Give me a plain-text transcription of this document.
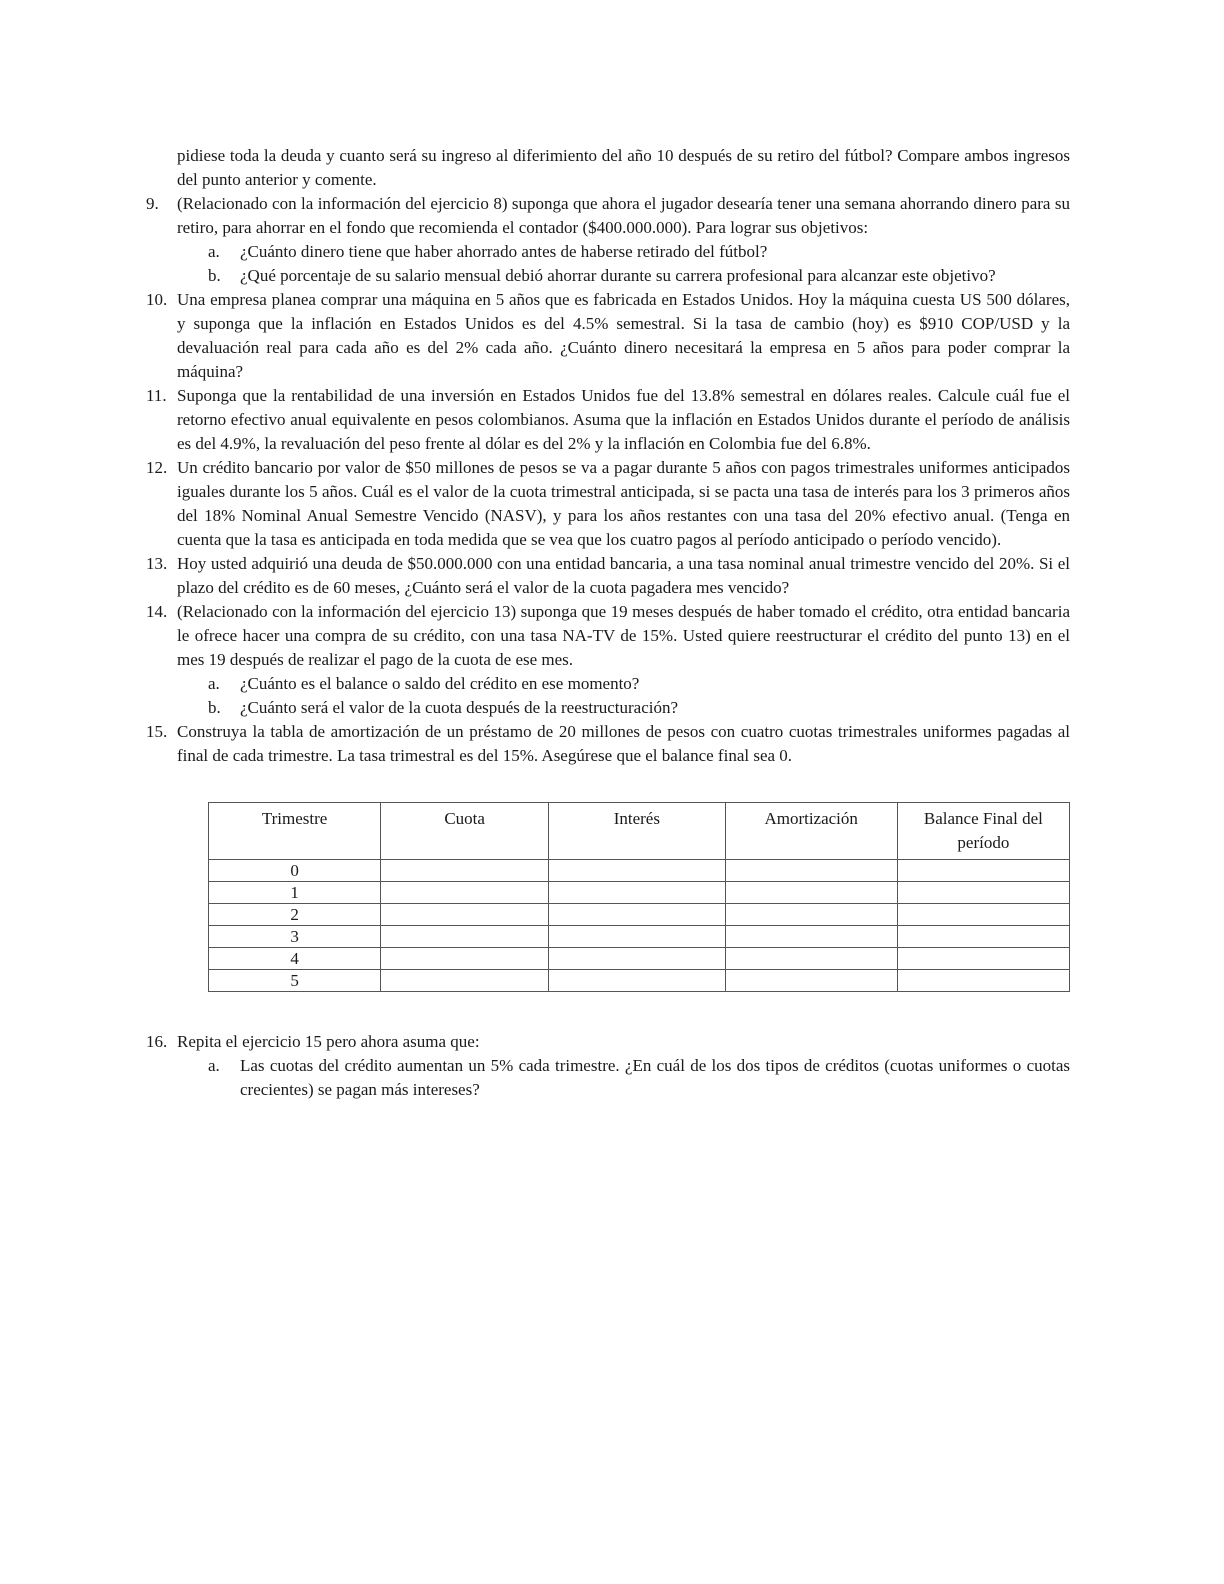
pidiese toda la deuda y cuanto será su ingreso al diferimiento del año 10 después de su retiro del fútbol? Compare ambos ingresos del punto anterior y comente.

9.	(Relacionado con la información del ejercicio 8) suponga que ahora el jugador desearía tener una semana ahorrando dinero para su retiro, para ahorrar en el fondo que recomienda el contador ($400.000.000). Para lograr sus objetivos:
a.	¿Cuánto dinero tiene que haber ahorrado antes de haberse retirado del fútbol?
b.	¿Qué porcentaje de su salario mensual debió ahorrar durante su carrera profesional para alcanzar este objetivo?
10. Una empresa planea comprar una máquina en 5 años que es fabricada en Estados Unidos. Hoy la máquina cuesta US 500 dólares, y suponga que la inflación en Estados Unidos es del 4.5% semestral. Si la tasa de cambio (hoy) es $910 COP/USD y la devaluación real para cada año es del 2% cada año. ¿Cuánto dinero necesitará la empresa en 5 años para poder comprar la máquina?
11. Suponga que la rentabilidad de una inversión en Estados Unidos fue del 13.8% semestral en dólares reales. Calcule cuál fue el retorno efectivo anual equivalente en pesos colombianos. Asuma que la inflación en Estados Unidos durante el período de análisis es del 4.9%, la revaluación del peso frente al dólar es del 2% y la inflación en Colombia fue del 6.8%.
12. Un crédito bancario por valor de $50 millones de pesos se va a pagar durante 5 años con pagos trimestrales uniformes anticipados iguales durante los 5 años. Cuál es el valor de la cuota trimestral anticipada, si se pacta una tasa de interés para los 3 primeros años del 18% Nominal Anual Semestre Vencido (NASV), y para los años restantes con una tasa del 20% efectivo anual. (Tenga en cuenta que la tasa es anticipada en toda medida que se vea que los cuatro pagos al período anticipado o período vencido).
13. Hoy usted adquirió una deuda de $50.000.000 con una entidad bancaria, a una tasa nominal anual trimestre vencido del 20%. Si el plazo del crédito es de 60 meses, ¿Cuánto será el valor de la cuota pagadera mes vencido?
14. (Relacionado con la información del ejercicio 13) suponga que 19 meses después de haber tomado el crédito, otra entidad bancaria le ofrece hacer una compra de su crédito, con una tasa NA-TV de 15%. Usted quiere reestructurar el crédito del punto 13) en el mes 19 después de realizar el pago de la cuota de ese mes.
a.	¿Cuánto es el balance o saldo del crédito en ese momento?
b.	¿Cuánto será el valor de la cuota después de la reestructuración?
15. Construya la tabla de amortización de un préstamo de 20 millones de pesos con cuatro cuotas trimestrales uniformes pagadas al final de cada trimestre. La tasa trimestral es del 15%. Asegúrese que el balance final sea 0.
Trimestre	Cuota	Interés	Amortización	Balance Final del período
0				
1				
2				
3				
4				
5				
16. Repita el ejercicio 15 pero ahora asuma que:
a.	Las cuotas del crédito aumentan un 5% cada trimestre. ¿En cuál de los dos tipos de créditos (cuotas uniformes o cuotas crecientes) se pagan más intereses?
